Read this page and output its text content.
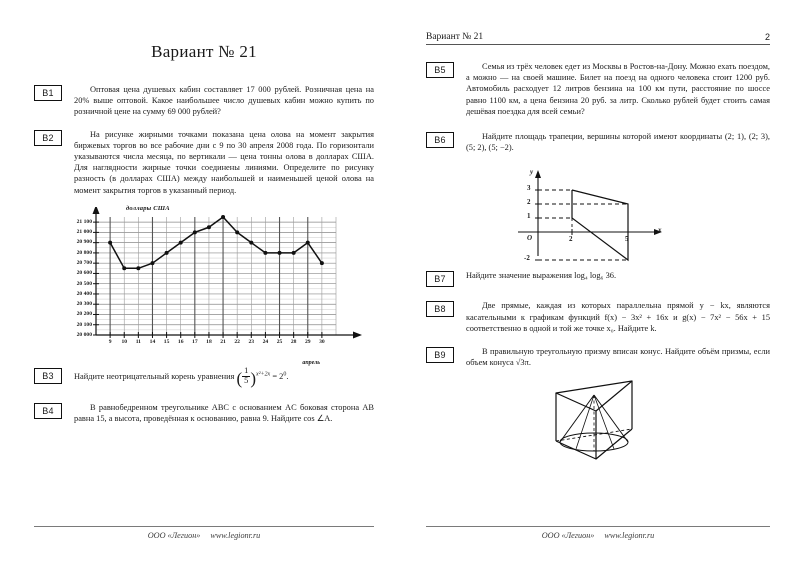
Вариант № 21
B1	Оптовая цена душевых кабин составляет 17 000 рублей. Розничная цена на 20% выше оптовой. Какое наибольшее число душевых кабин можно купить по розничной цене на сумму 69 000 рублей?
B2	На рисунке жирными точками показана цена олова на момент закрытия биржевых торгов во все рабочие дни с 9 по 30 апреля 2008 года. По горизонтали указываются числа месяца, по вертикали — цена тонны олова в долларах США. Для наглядности жирные точки соединены линиями. Определите по рисунку разность (в долларах США) между наибольшей и наименьшей ценой олова на момент закрытия торгов в указанный период.
доллары США
апрель
21 100
21 000
20 900
20 800
20 700
20 600
20 500
20 400
20 300
20 200
20 100
20 000
9	10	11	14	15	16	17	18	21	22	23	24	25	28	29	30
B3	Найдите неотрицательный корень уравнения ( $\frac{1}{5} )^{x^2+2x} = 2^0$.
B4	В равнобедренном треугольнике ABC с основанием AC боковая сторона AB равна 15, а высота, проведённая к основанию, равна 9. Найдите cos ∠A.
ООО «Легион» www.legionr.ru
Вариант № 21	2
B5	Семья из трёх человек едет из Москвы в Ростов-на-Дону. Можно ехать поездом, а можно — на своей машине. Билет на поезд на одного человека стоит 1200 руб. Автомобиль расходует 12 литров бензина на 100 км пути, расстояние по шоссе равно 1100 км, а цена бензина 20 руб. за литр. Сколько рублей будет стоить самая дешёвая поездка для всей семьи?
B6	Найдите площадь трапеции, вершины которой имеют координаты (2; 1), (2; 3), (5; 2), (5; −2).
y
x
O
3
2
1
-2
2	5
B7	Найдите значение выражения log₄ log₆ 36.
B8	Две прямые, каждая из которых параллельна прямой y − kx, являются касательными к графикам функций f(x) − 3x² + 16x и g(x) − 7x² − 56x + 15 соответственно в одной и той же точке x₀. Найдите k.
B9	В правильную треугольную призму вписан конус. Найдите объём призмы, если объем конуса √3π.
ООО «Легион» www.legionr.ru
